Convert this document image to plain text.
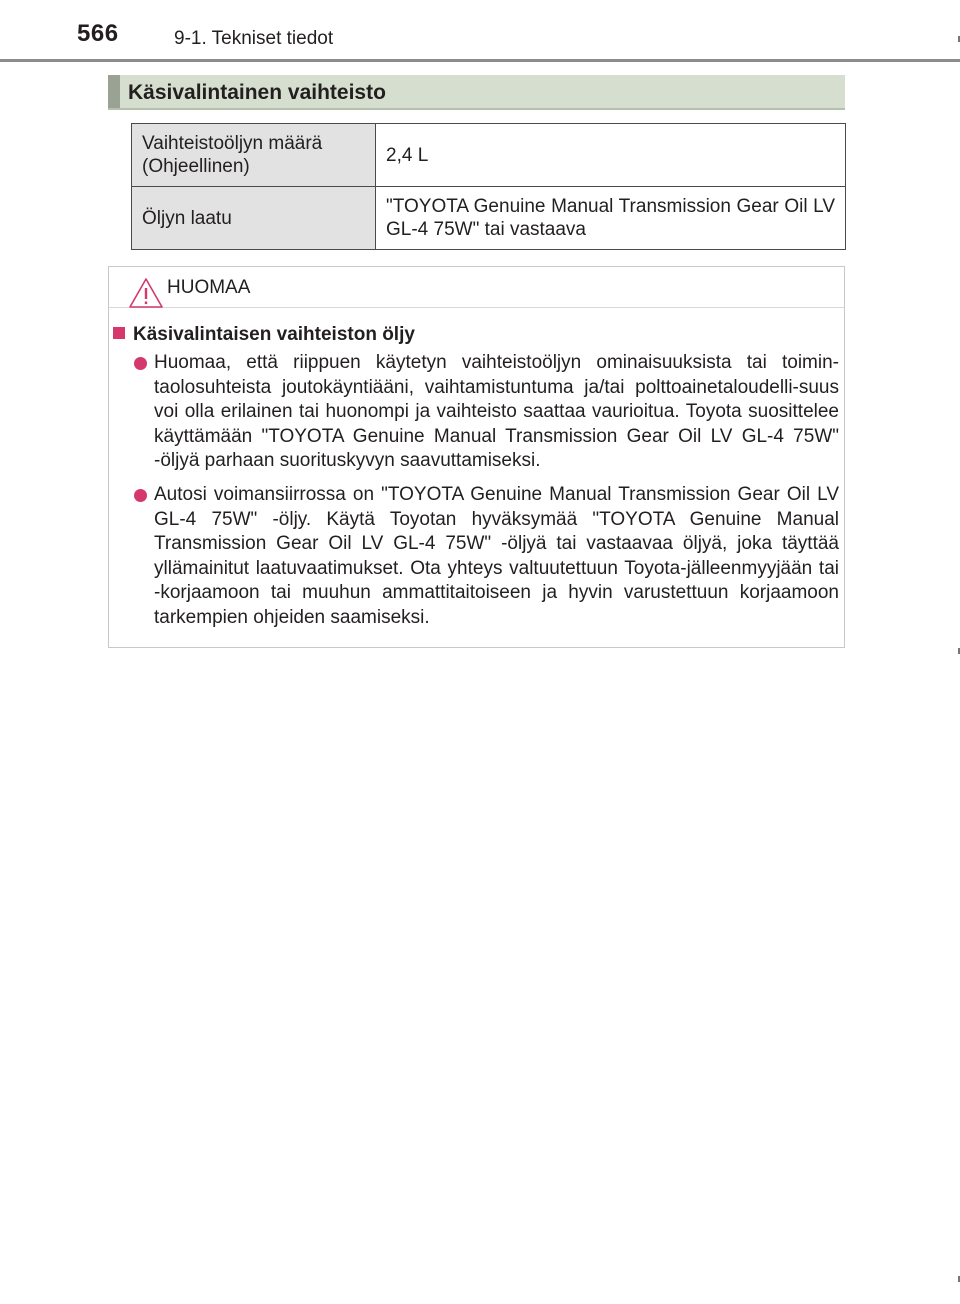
566	9-1. Tekniset tiedot
Käsivalintainen vaihteisto
Vaihteistoöljyn määrä (Ohjeellinen)	2,4 L
Öljyn laatu	"TOYOTA Genuine Manual Transmission Gear Oil LV GL-4 75W" tai vastaava
HUOMAA
Käsivalintaisen vaihteiston öljy
Huomaa, että riippuen käytetyn vaihteistoöljyn ominaisuuksista tai toimin-taolosuhteista joutokäyntiääni, vaihtamistuntuma ja/tai polttoainetaloudelli-suus voi olla erilainen tai huonompi ja vaihteisto saattaa vaurioitua. Toyota suosittelee käyttämään "TOYOTA Genuine Manual Transmission Gear Oil LV GL-4 75W" -öljyä parhaan suorituskyvyn saavuttamiseksi.
Autosi voimansiirrossa on "TOYOTA Genuine Manual Transmission Gear Oil LV GL-4 75W" -öljy. Käytä Toyotan hyväksymää "TOYOTA Genuine Manual Transmission Gear Oil LV GL-4 75W" -öljyä tai vastaavaa öljyä, joka täyttää yllämainitut laatuvaatimukset. Ota yhteys valtuutettuun Toyota-jälleenmyyjään tai -korjaamoon tai muuhun ammattitaitoiseen ja hyvin varustettuun korjaamoon tarkempien ohjeiden saamiseksi.
